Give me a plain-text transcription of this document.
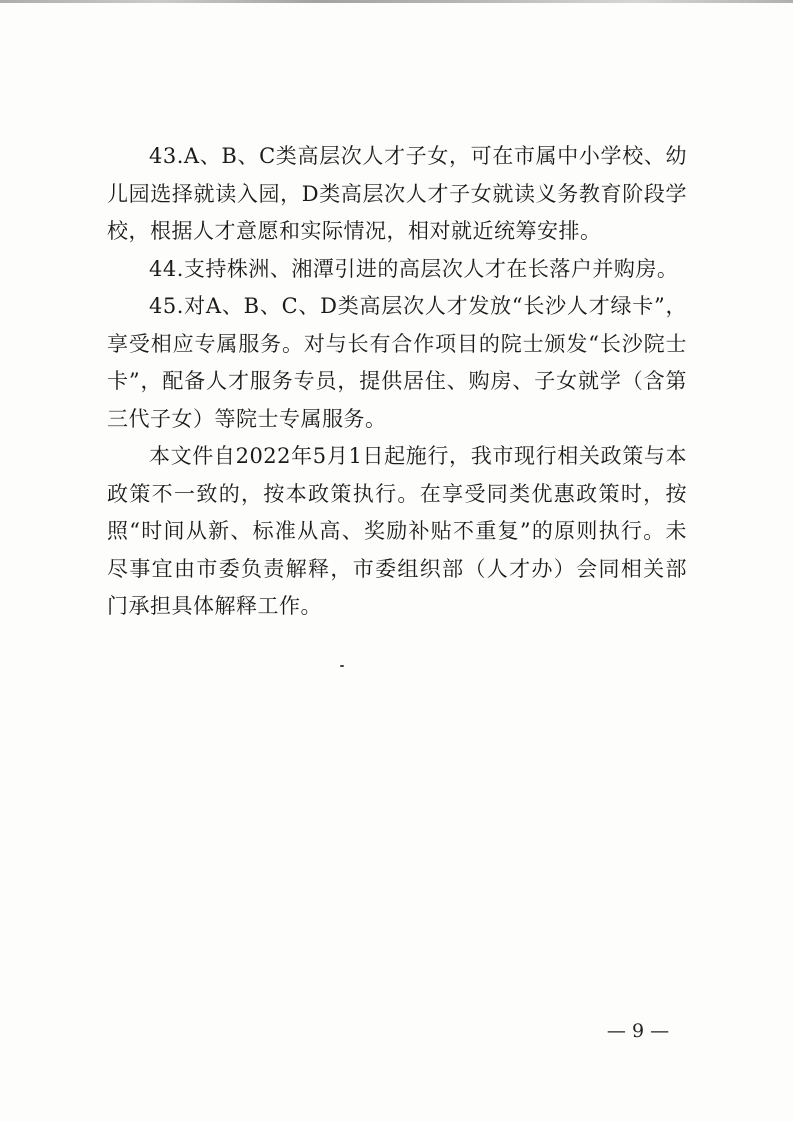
43.A、B、C类高层次人才子女，可在市属中小学校、幼儿园选择就读入园，D类高层次人才子女就读义务教育阶段学校，根据人才意愿和实际情况，相对就近统筹安排。

44.支持株洲、湘潭引进的高层次人才在长落户并购房。

45.对A、B、C、D类高层次人才发放“长沙人才绿卡”，享受相应专属服务。对与长有合作项目的院士颁发“长沙院士卡”，配备人才服务专员，提供居住、购房、子女就学（含第三代子女）等院士专属服务。

本文件自2022年5月1日起施行，我市现行相关政策与本政策不一致的，按本政策执行。在享受同类优惠政策时，按照“时间从新、标准从高、奖励补贴不重复”的原则执行。未尽事宜由市委负责解释，市委组织部（人才办）会同相关部门承担具体解释工作。

— 9 —
